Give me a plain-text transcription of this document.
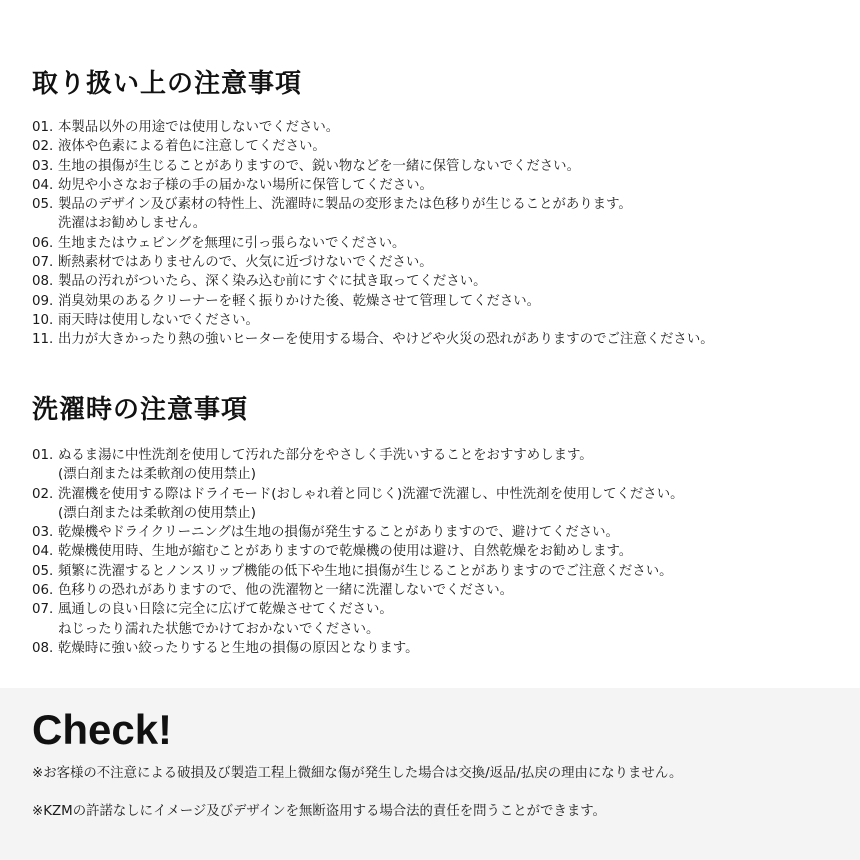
取り扱い上の注意事項
01. 本製品以外の用途では使用しないでください。
02. 液体や色素による着色に注意してください。
03. 生地の損傷が生じることがありますので、鋭い物などを一緒に保管しないでください。
04. 幼児や小さなお子様の手の届かない場所に保管してください。
05. 製品のデザイン及び素材の特性上、洗濯時に製品の変形または色移りが生じることがあります。
洗濯はお勧めしません。
06. 生地またはウェビングを無理に引っ張らないでください。
07. 断熱素材ではありませんので、火気に近づけないでください。
08. 製品の汚れがついたら、深く染み込む前にすぐに拭き取ってください。
09. 消臭効果のあるクリーナーを軽く振りかけた後、乾燥させて管理してください。
10. 雨天時は使用しないでください。
11. 出力が大きかったり熱の強いヒーターを使用する場合、やけどや火災の恐れがありますのでご注意ください。
洗濯時の注意事項
01. ぬるま湯に中性洗剤を使用して汚れた部分をやさしく手洗いすることをおすすめします。
(漂白剤または柔軟剤の使用禁止)
02. 洗濯機を使用する際はドライモード(おしゃれ着と同じく)洗濯で洗濯し、中性洗剤を使用してください。
(漂白剤または柔軟剤の使用禁止)
03. 乾燥機やドライクリーニングは生地の損傷が発生することがありますので、避けてください。
04. 乾燥機使用時、生地が縮むことがありますので乾燥機の使用は避け、自然乾燥をお勧めします。
05. 頻繁に洗濯するとノンスリップ機能の低下や生地に損傷が生じることがありますのでご注意ください。
06. 色移りの恐れがありますので、他の洗濯物と一緒に洗濯しないでください。
07. 風通しの良い日陰に完全に広げて乾燥させてください。
ねじったり濡れた状態でかけておかないでください。
08. 乾燥時に強い絞ったりすると生地の損傷の原因となります。
Check!
※お客様の不注意による破損及び製造工程上微細な傷が発生した場合は交換/返品/払戻の理由になりません。
※KZMの許諾なしにイメージ及びデザインを無断盗用する場合法的責任を問うことができます。
